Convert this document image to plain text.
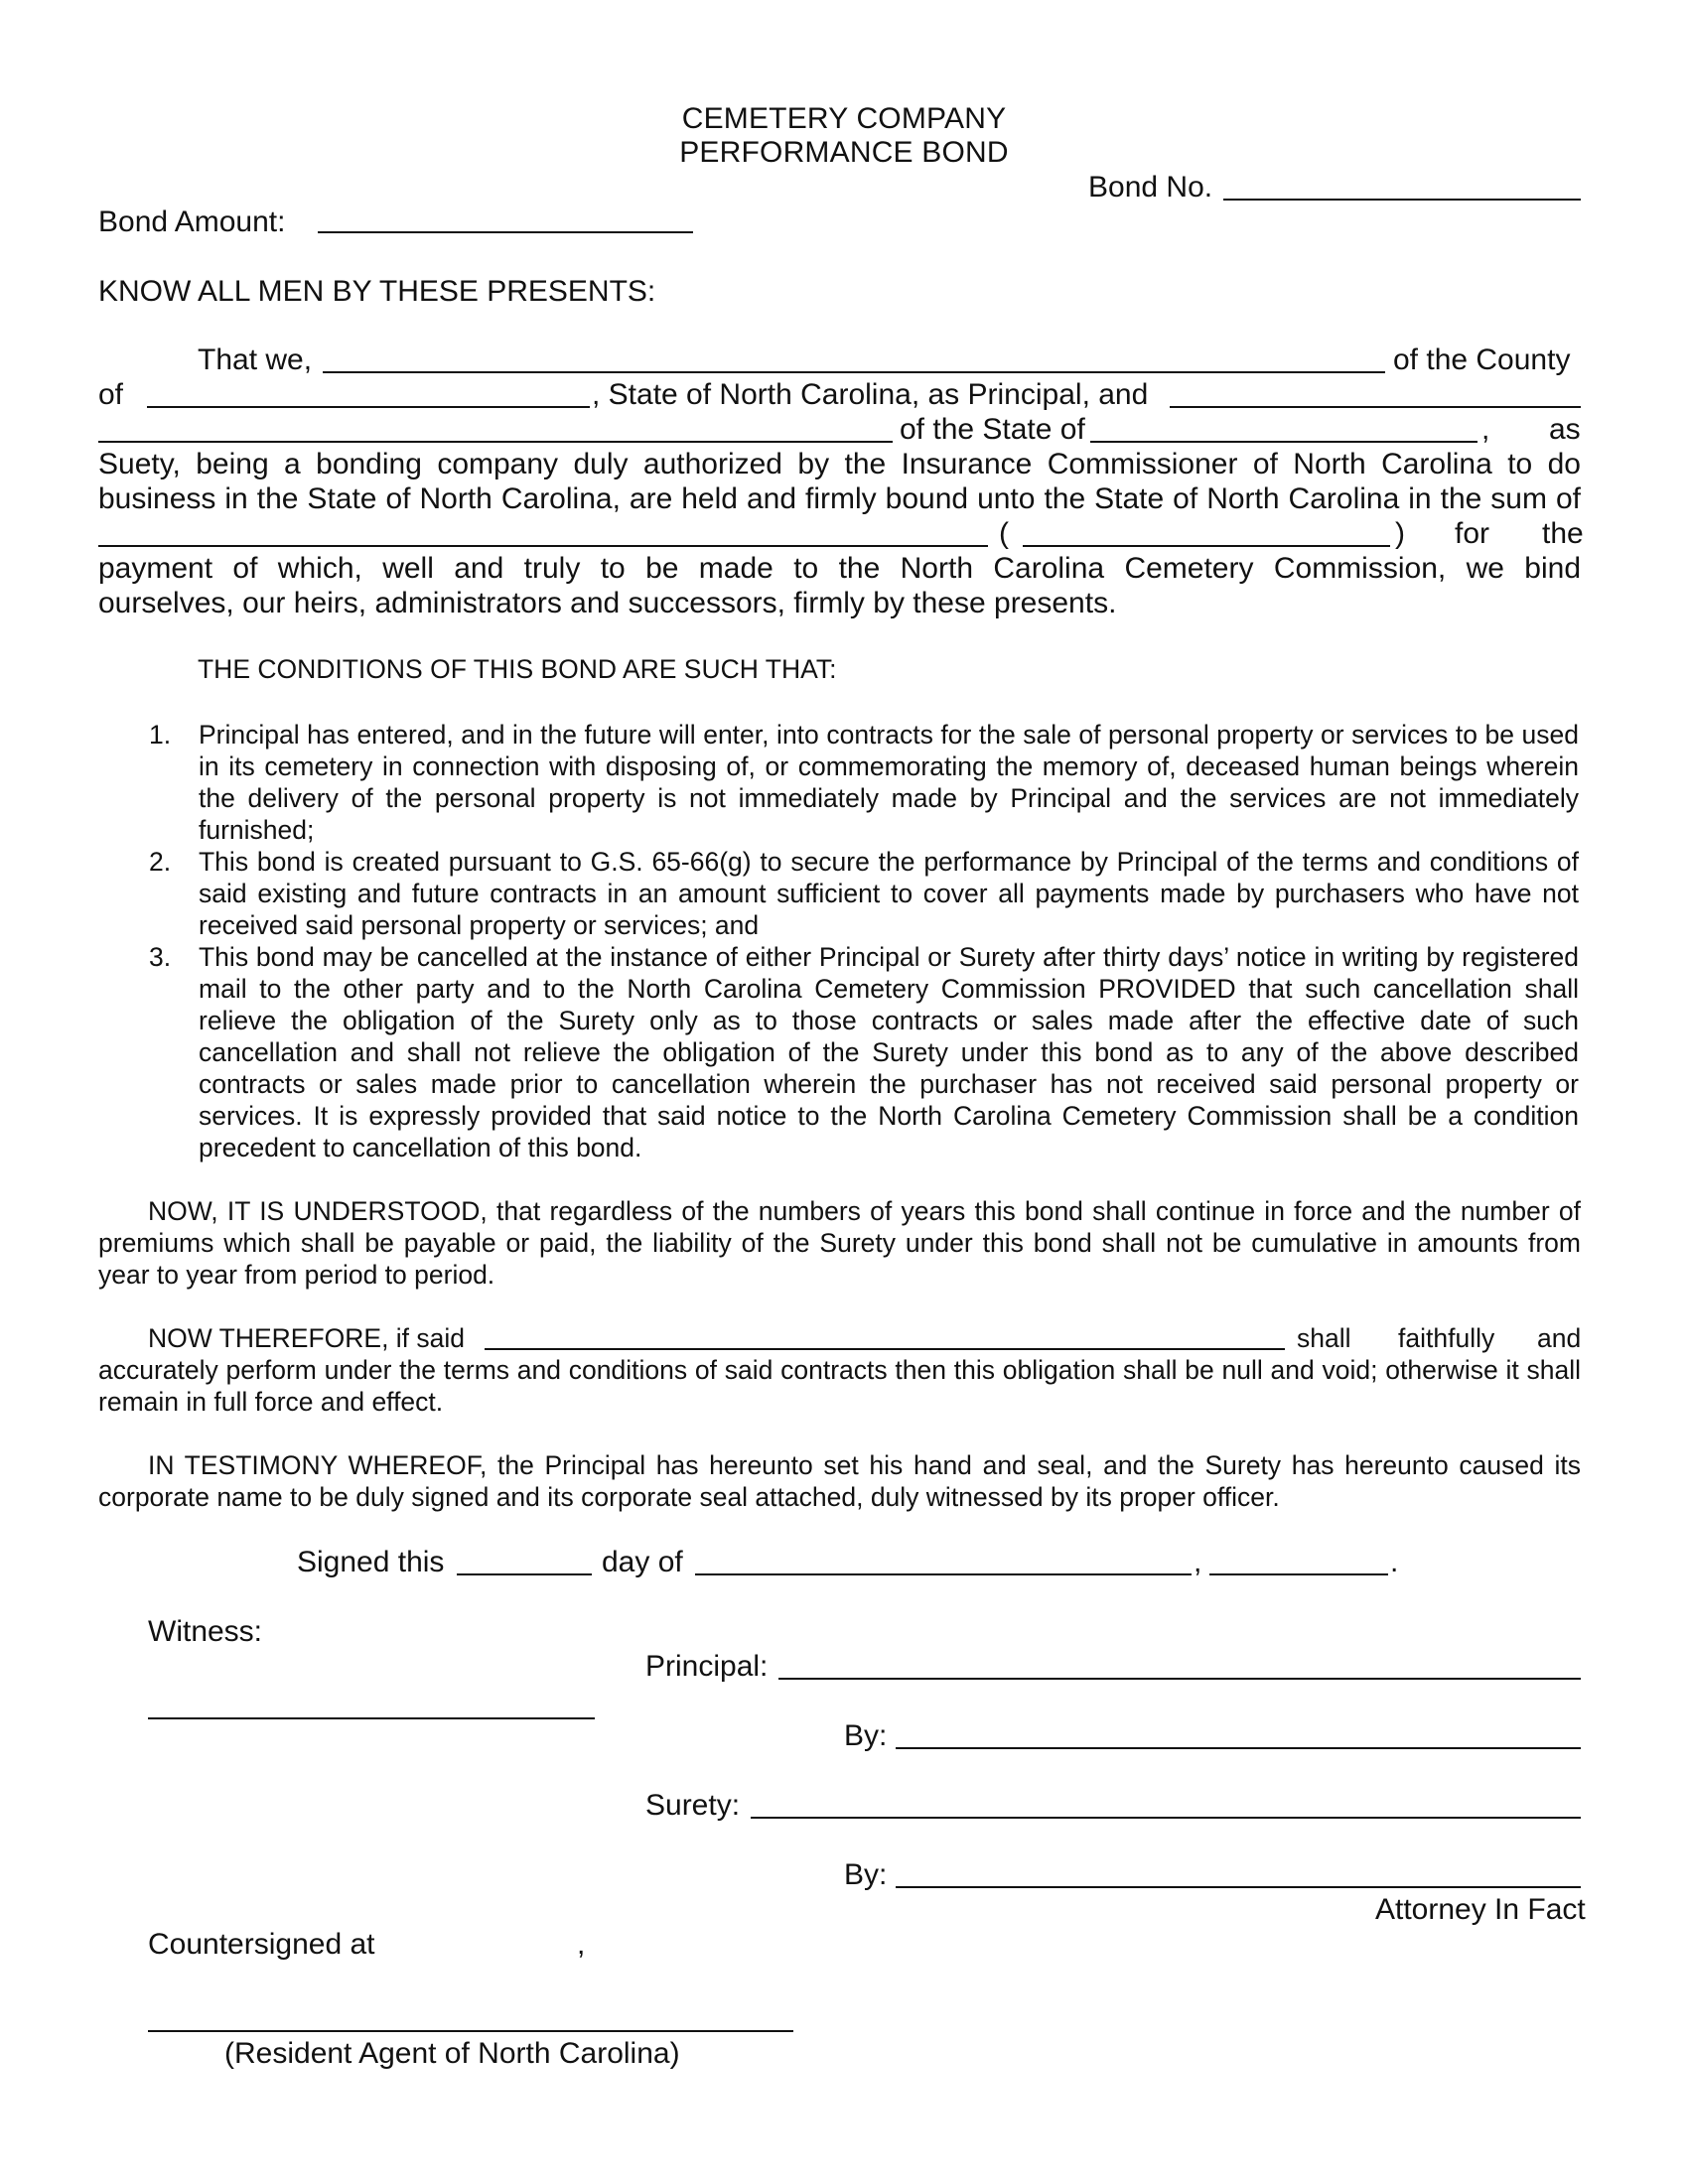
CEMETERY COMPANY
PERFORMANCE BOND
Bond No.
Bond Amount:
KNOW ALL MEN BY THESE PRESENTS:
That we,	of the County
of	, State of North Carolina, as Principal, and
of the State of	, as
Suety, being a bonding company duly authorized by the Insurance Commissioner of North Carolina to do
business in the State of North Carolina, are held and firmly bound unto the State of North Carolina in the sum of
(	) for the
payment of which, well and truly to be made to the North Carolina Cemetery Commission, we bind
ourselves, our heirs, administrators and successors, firmly by these presents.
THE CONDITIONS OF THIS BOND ARE SUCH THAT:
1. Principal has entered, and in the future will enter, into contracts for the sale of personal property or services to be used in its cemetery in connection with disposing of, or commemorating the memory of, deceased human beings wherein the delivery of the personal property is not immediately made by Principal and the services are not immediately furnished;
2. This bond is created pursuant to G.S. 65-66(g) to secure the performance by Principal of the terms and conditions of said existing and future contracts in an amount sufficient to cover all payments made by purchasers who have not received said personal property or services; and
3. This bond may be cancelled at the instance of either Principal or Surety after thirty days’ notice in writing by registered mail to the other party and to the North Carolina Cemetery Commission PROVIDED that such cancellation shall relieve the obligation of the Surety only as to those contracts or sales made after the effective date of such cancellation and shall not relieve the obligation of the Surety under this bond as to any of the above described contracts or sales made prior to cancellation wherein the purchaser has not received said personal property or services. It is expressly provided that said notice to the North Carolina Cemetery Commission shall be a condition precedent to cancellation of this bond.
NOW, IT IS UNDERSTOOD, that regardless of the numbers of years this bond shall continue in force and the number of premiums which shall be payable or paid, the liability of the Surety under this bond shall not be cumulative in amounts from year to year from period to period.
NOW THEREFORE, if said	shall faithfully and
accurately perform under the terms and conditions of said contracts then this obligation shall be null and void; otherwise it shall remain in full force and effect.
IN TESTIMONY WHEREOF, the Principal has hereunto set his hand and seal, and the Surety has hereunto caused its corporate name to be duly signed and its corporate seal attached, duly witnessed by its proper officer.
Signed this	day of	,	.
Witness:
Principal:
By:
Surety:
By:
Attorney In Fact
Countersigned at	,
(Resident Agent of North Carolina)
